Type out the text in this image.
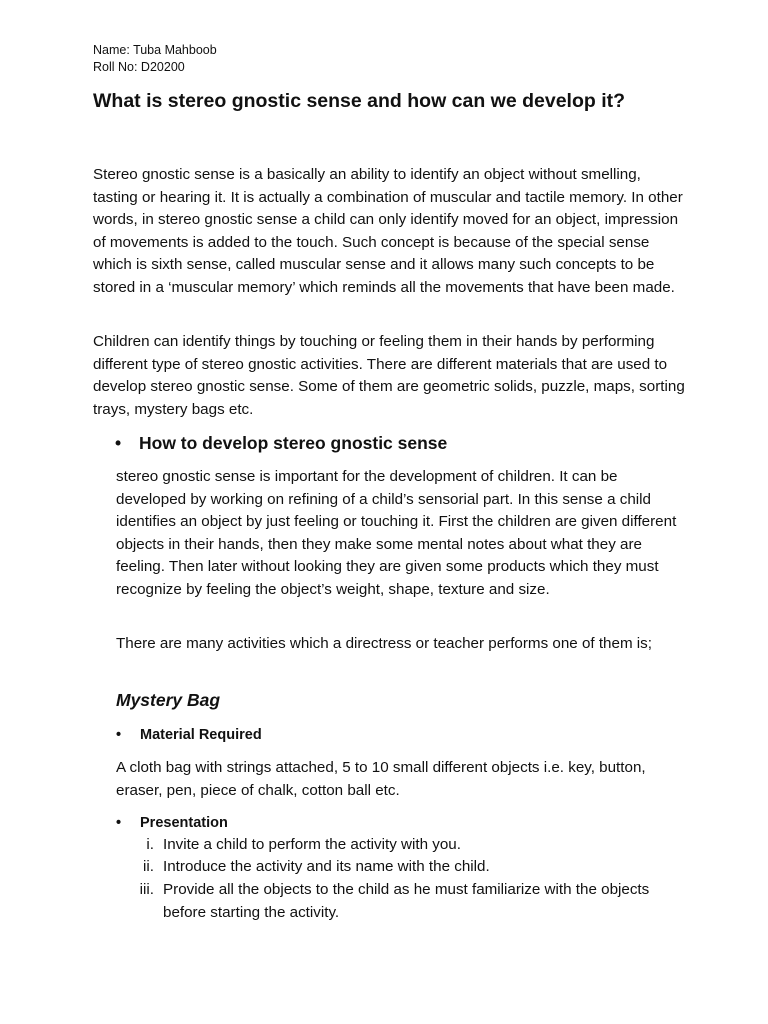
Name: Tuba Mahboob
Roll No: D20200
What is stereo gnostic sense and how can we develop it?

Stereo gnostic sense is a basically an ability to identify an object without smelling, tasting or hearing it. It is actually a combination of muscular and tactile memory. In other words, in stereo gnostic sense a child can only identify moved for an object, impression of movements is added to the touch. Such concept is because of the special sense which is sixth sense, called muscular sense and it allows many such concepts to be stored in a ‘muscular memory’ which reminds all the movements that have been made.

Children can identify things by touching or feeling them in their hands by performing different type of stereo gnostic activities. There are different materials that are used to develop stereo gnostic sense. Some of them are geometric solids, puzzle, maps, sorting trays, mystery bags etc.

• How to develop stereo gnostic sense

stereo gnostic sense is important for the development of children. It can be developed by working on refining of a child’s sensorial part. In this sense a child identifies an object by just feeling or touching it. First the children are given different objects in their hands, then they make some mental notes about what they are feeling. Then later without looking they are given some products which they must recognize by feeling the object’s weight, shape, texture and size.

There are many activities which a directress or teacher performs one of them is;

Mystery Bag
• Material Required

A cloth bag with strings attached, 5 to 10 small different objects i.e. key, button, eraser, pen, piece of chalk, cotton ball etc.

• Presentation
i. Invite a child to perform the activity with you.
ii. Introduce the activity and its name with the child.
iii. Provide all the objects to the child as he must familiarize with the objects before starting the activity.
